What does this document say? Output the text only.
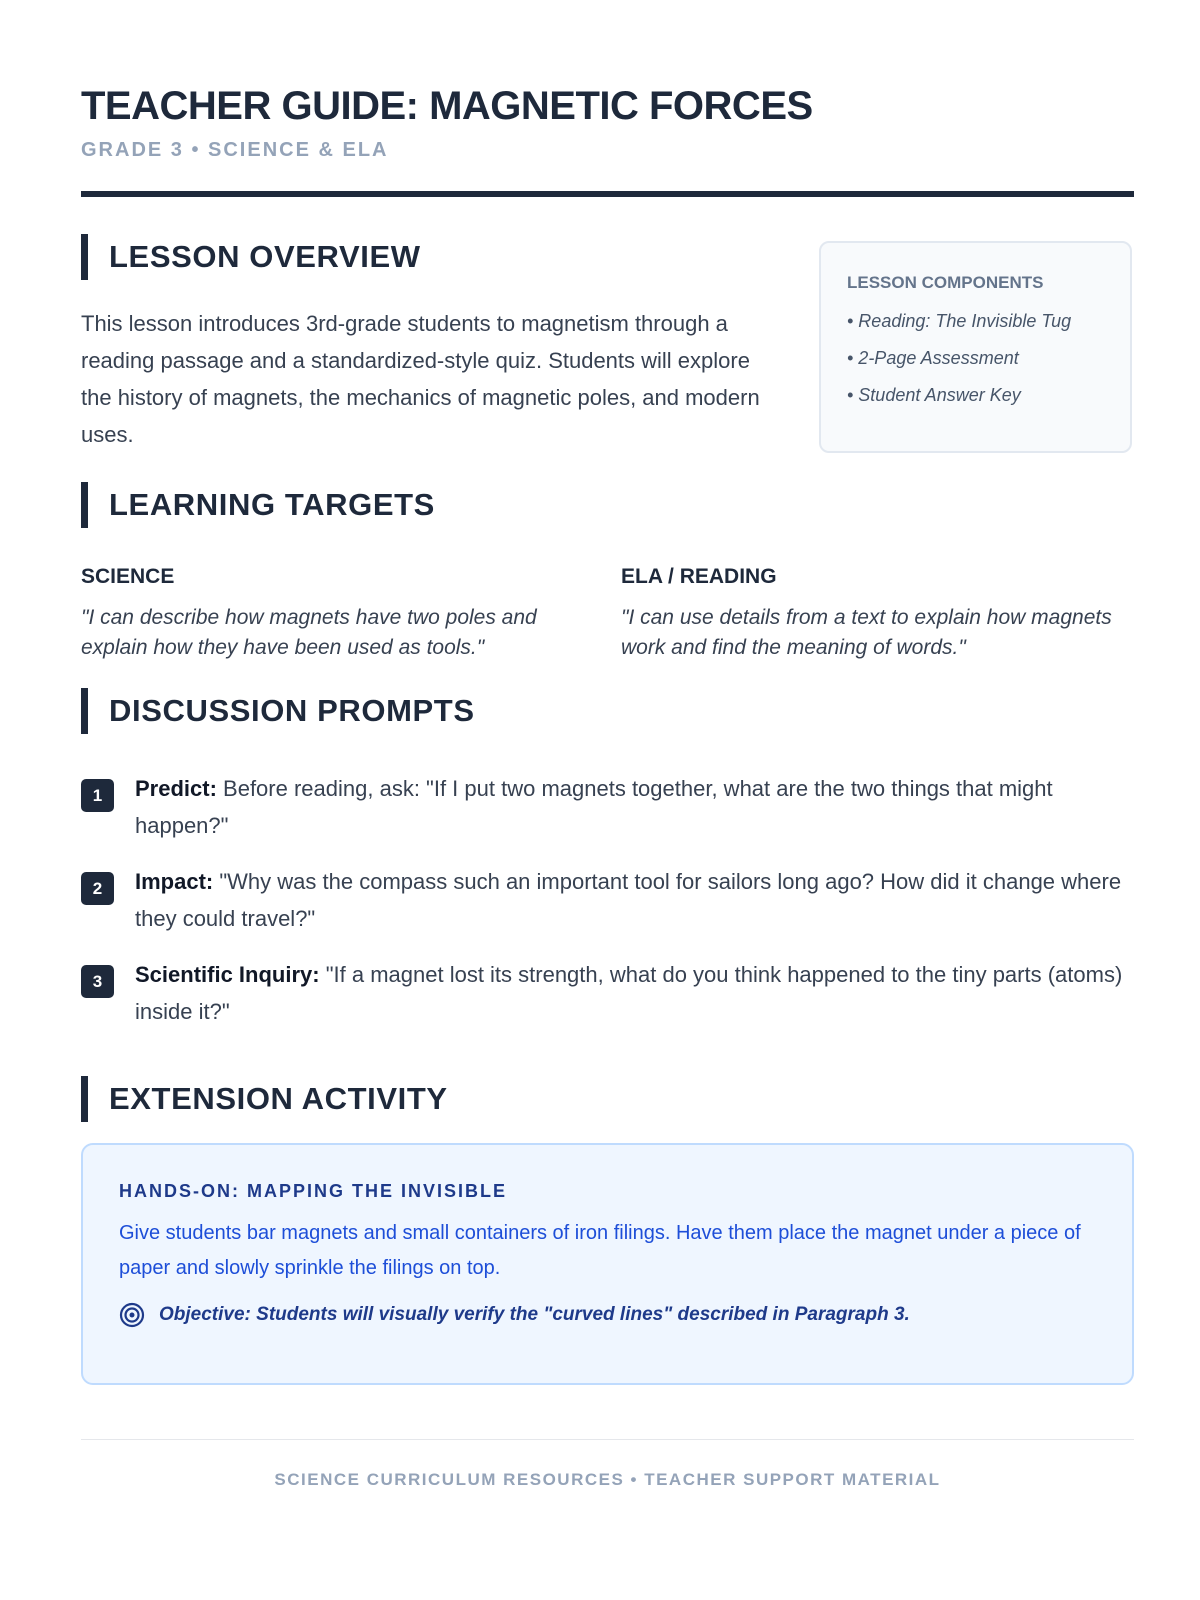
TEACHER GUIDE: MAGNETIC FORCES
GRADE 3 • SCIENCE & ELA
LESSON OVERVIEW
This lesson introduces 3rd-grade students to magnetism through a reading passage and a standardized-style quiz. Students will explore the history of magnets, the mechanics of magnetic poles, and modern uses.
LESSON COMPONENTS
• Reading: The Invisible Tug
• 2-Page Assessment
• Student Answer Key
LEARNING TARGETS
SCIENCE
"I can describe how magnets have two poles and explain how they have been used as tools."
ELA / READING
"I can use details from a text to explain how magnets work and find the meaning of words."
DISCUSSION PROMPTS
1	Predict: Before reading, ask: "If I put two magnets together, what are the two things that might happen?"
2	Impact: "Why was the compass such an important tool for sailors long ago? How did it change where they could travel?"
3	Scientific Inquiry: "If a magnet lost its strength, what do you think happened to the tiny parts (atoms) inside it?"
EXTENSION ACTIVITY
HANDS-ON: MAPPING THE INVISIBLE
Give students bar magnets and small containers of iron filings. Have them place the magnet under a piece of paper and slowly sprinkle the filings on top.
Objective: Students will visually verify the "curved lines" described in Paragraph 3.
SCIENCE CURRICULUM RESOURCES • TEACHER SUPPORT MATERIAL
